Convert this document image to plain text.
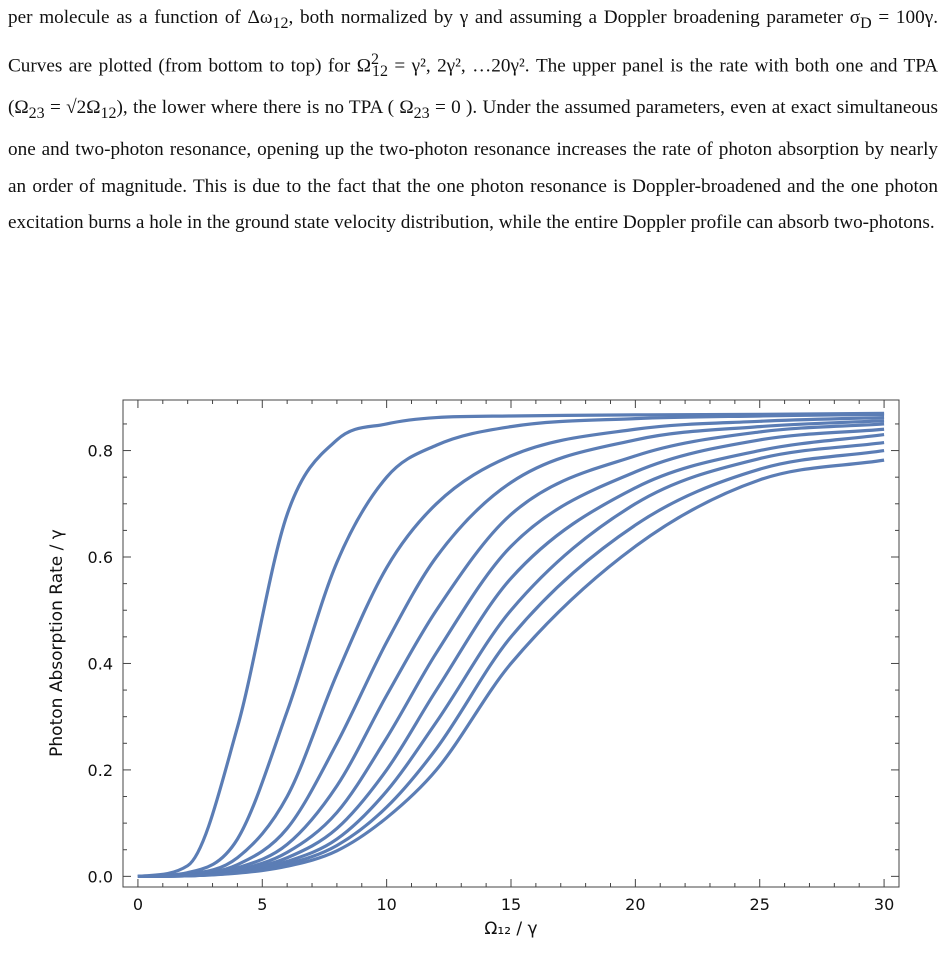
per molecule as a function of $\Delta\omega_{12}$, both normalized by γ and assuming a Doppler broadening parameter $\sigma_D = 100\gamma$. Curves are plotted (from bottom to top) for $\Omega^2_{12} = \gamma^2$, 2γ², …20γ². The upper panel is the rate with both one and TPA $(\Omega_{23} = √2\Omega_{12})$, the lower where there is no TPA ( $\Omega_{23} = 0$ ). Under the assumed parameters, even at exact simultaneous one and two-photon resonance, opening up the two-photon resonance increases the rate of photon absorption by nearly an order of magnitude. This is due to the fact that the one photon resonance is Doppler-broadened and the one photon excitation burns a hole in the ground state velocity distribution, while the entire Doppler profile can absorb two-photons.

0	5	10	15	20	25	30
0.0
0.2
0.4
0.6
0.8
Ω₁₂ / γ
Photon Absorption Rate / γ
